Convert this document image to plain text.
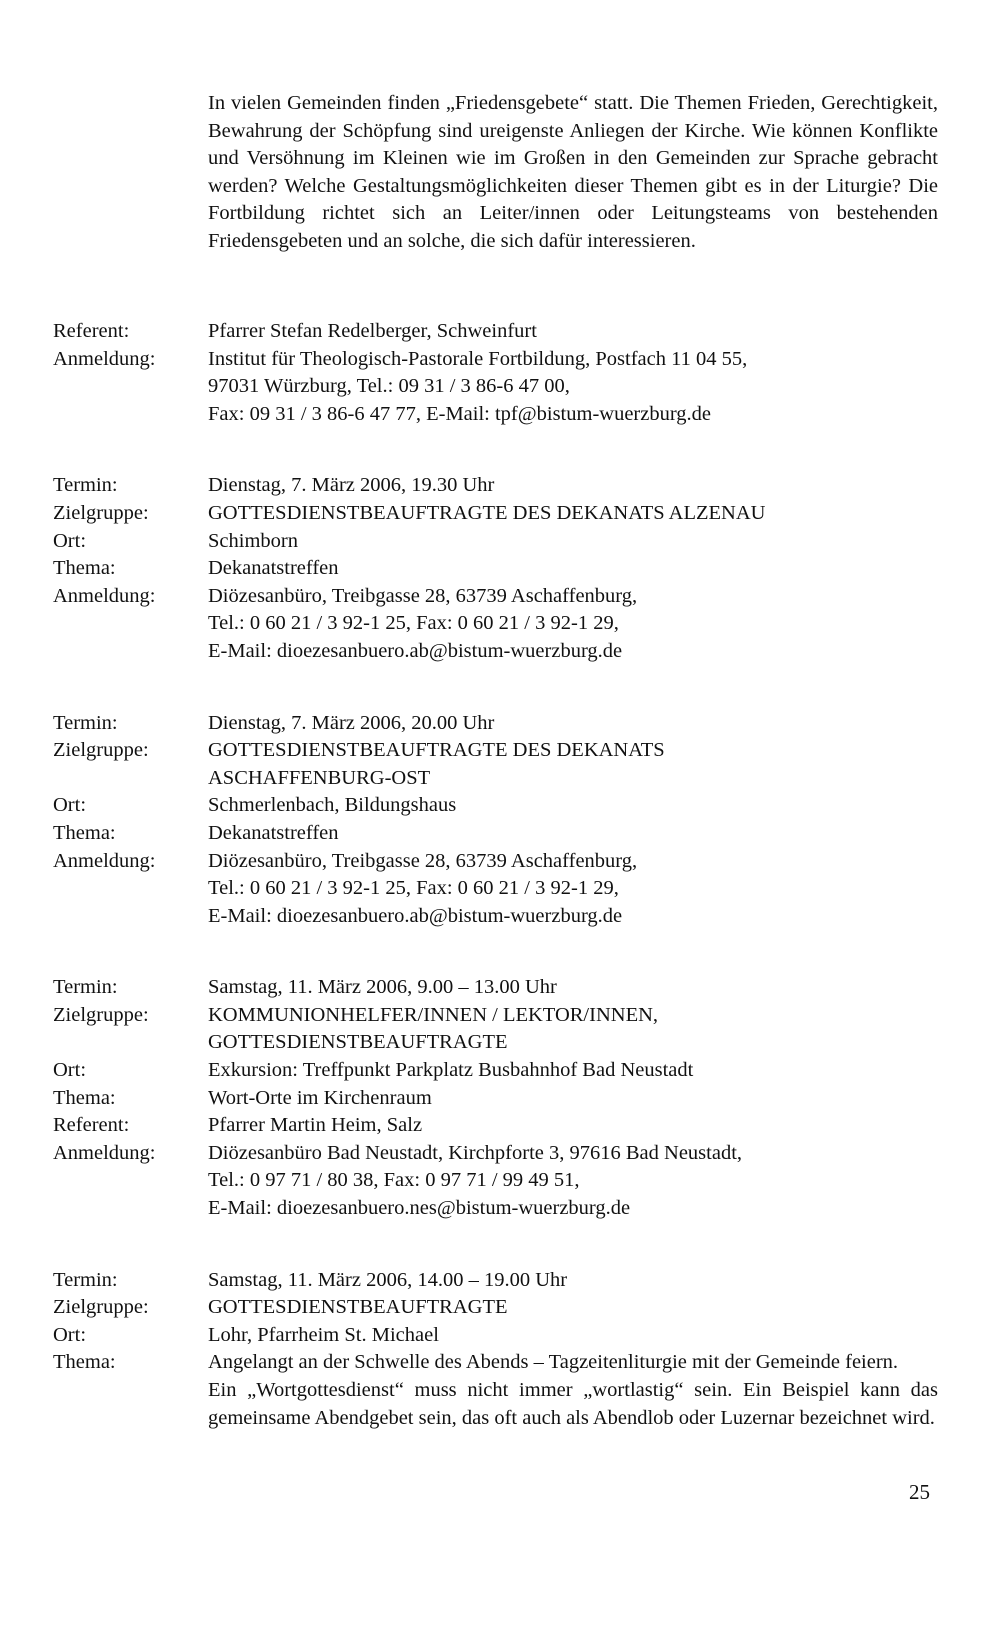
In vielen Gemeinden finden „Friedensgebete“ statt. Die Themen Frieden, Gerechtigkeit, Bewahrung der Schöpfung sind ureigenste Anliegen der Kirche. Wie können Konflikte und Versöhnung im Kleinen wie im Großen in den Gemeinden zur Sprache gebracht werden? Welche Gestaltungsmöglichkeiten dieser Themen gibt es in der Liturgie? Die Fortbildung richtet sich an Leiter/innen oder Leitungsteams von bestehenden Friedensgebeten und an solche, die sich dafür interessieren.

Referent:	Pfarrer Stefan Redelberger, Schweinfurt
Anmeldung:	Institut für Theologisch-Pastorale Fortbildung, Postfach 11 04 55,
97031 Würzburg, Tel.: 09 31 / 3 86-6 47 00,
Fax: 09 31 / 3 86-6 47 77, E-Mail: tpf@bistum-wuerzburg.de
Termin:	Dienstag, 7. März 2006, 19.30 Uhr
Zielgruppe:	GOTTESDIENSTBEAUFTRAGTE DES DEKANATS ALZENAU
Ort:	Schimborn
Thema:	Dekanatstreffen
Anmeldung:	Diözesanbüro, Treibgasse 28, 63739 Aschaffenburg,
Tel.: 0 60 21 / 3 92-1 25, Fax: 0 60 21 / 3 92-1 29,
E-Mail: dioezesanbuero.ab@bistum-wuerzburg.de
Termin:	Dienstag, 7. März 2006, 20.00 Uhr
Zielgruppe:	GOTTESDIENSTBEAUFTRAGTE DES DEKANATS
ASCHAFFENBURG-OST
Ort:	Schmerlenbach, Bildungshaus
Thema:	Dekanatstreffen
Anmeldung:	Diözesanbüro, Treibgasse 28, 63739 Aschaffenburg,
Tel.: 0 60 21 / 3 92-1 25, Fax: 0 60 21 / 3 92-1 29,
E-Mail: dioezesanbuero.ab@bistum-wuerzburg.de
Termin:	Samstag, 11. März 2006, 9.00 – 13.00 Uhr
Zielgruppe:	KOMMUNIONHELFER/INNEN / LEKTOR/INNEN,
GOTTESDIENSTBEAUFTRAGTE
Ort:	Exkursion: Treffpunkt Parkplatz Busbahnhof Bad Neustadt
Thema:	Wort-Orte im Kirchenraum
Referent:	Pfarrer Martin Heim, Salz
Anmeldung:	Diözesanbüro Bad Neustadt, Kirchpforte 3, 97616 Bad Neustadt,
Tel.: 0 97 71 / 80 38, Fax: 0 97 71 / 99 49 51,
E-Mail: dioezesanbuero.nes@bistum-wuerzburg.de
Termin:	Samstag, 11. März 2006, 14.00 – 19.00 Uhr
Zielgruppe:	GOTTESDIENSTBEAUFTRAGTE
Ort:	Lohr, Pfarrheim St. Michael
Thema:	Angelangt an der Schwelle des Abends – Tagzeitenliturgie mit der Gemeinde feiern.
Ein „Wortgottesdienst“ muss nicht immer „wortlastig“ sein. Ein Beispiel kann das gemeinsame Abendgebet sein, das oft auch als Abendlob oder Luzernar bezeichnet wird.
25
